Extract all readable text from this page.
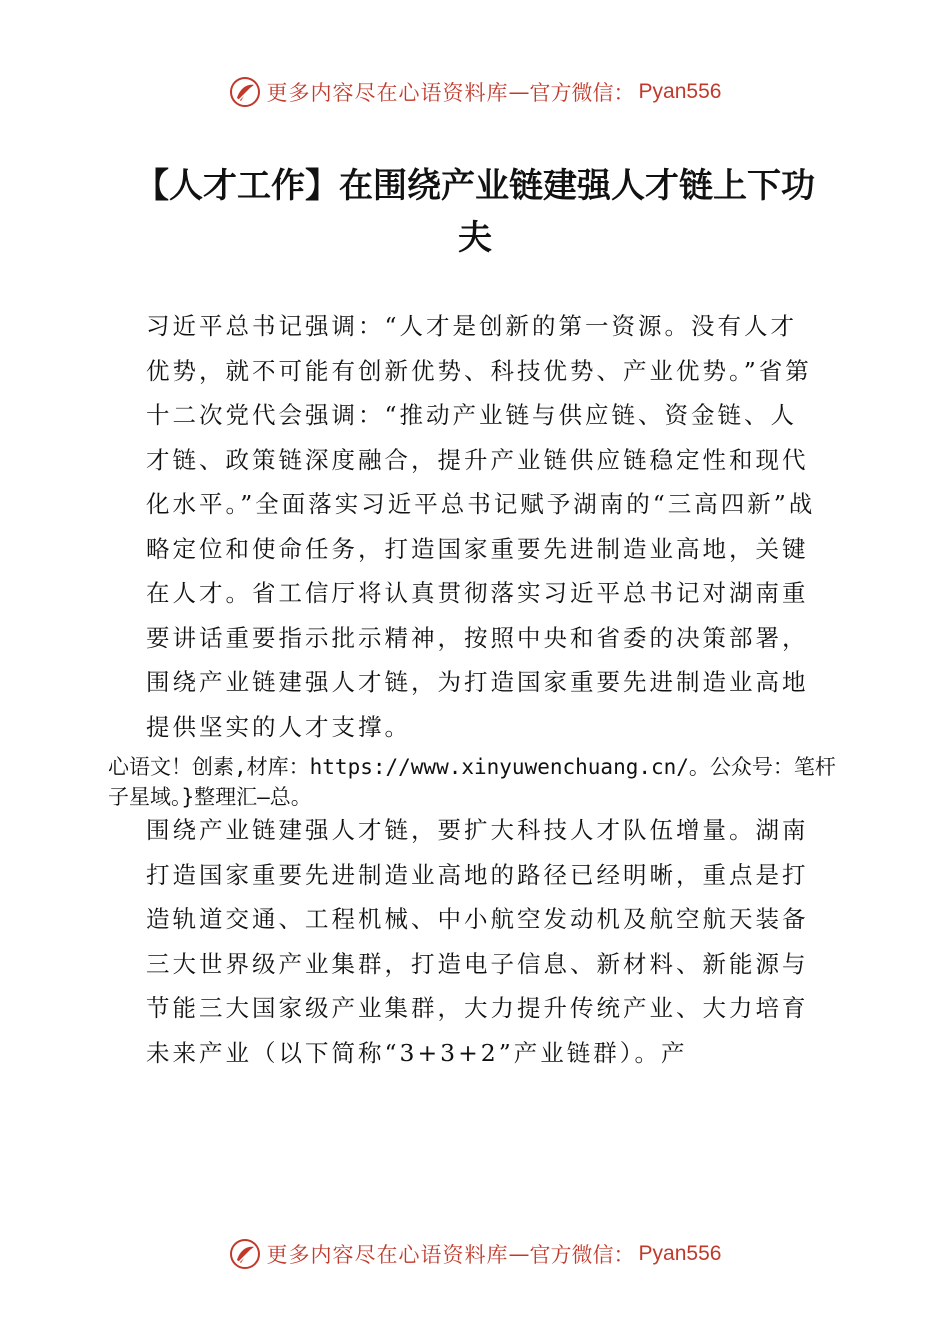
更多内容尽在心语资料库 — 官方微信： Pyan556
【人才工作】在围绕产业链建强人才链上下功夫

习近平总书记强调：“人才是创新的第一资源。没有人才优势，就不可能有创新优势、科技优势、产业优势。”省第十二次党代会强调：“推动产业链与供应链、资金链、人才链、政策链深度融合，提升产业链供应链稳定性和现代化水平。”全面落实习近平总书记赋予湖南的“三高四新”战略定位和使命任务，打造国家重要先进制造业高地，关键在人才。省工信厅将认真贯彻落实习近平总书记对湖南重要讲话重要指示批示精神，按照中央和省委的决策部署，围绕产业链建强人才链，为打造国家重要先进制造业高地提供坚实的人才支撑。

心语文！创素,材库：https://www.xinyuwenchuang.cn/。公众号：笔杆子星域。}整理汇—总。

围绕产业链建强人才链，要扩大科技人才队伍增量。湖南打造国家重要先进制造业高地的路径已经明晰，重点是打造轨道交通、工程机械、中小航空发动机及航空航天装备三大世界级产业集群，打造电子信息、新材料、新能源与节能三大国家级产业集群，大力提升传统产业、大力培育未来产业（以下简称“3+3+2”产业链群）。产

更多内容尽在心语资料库 — 官方微信： Pyan556
